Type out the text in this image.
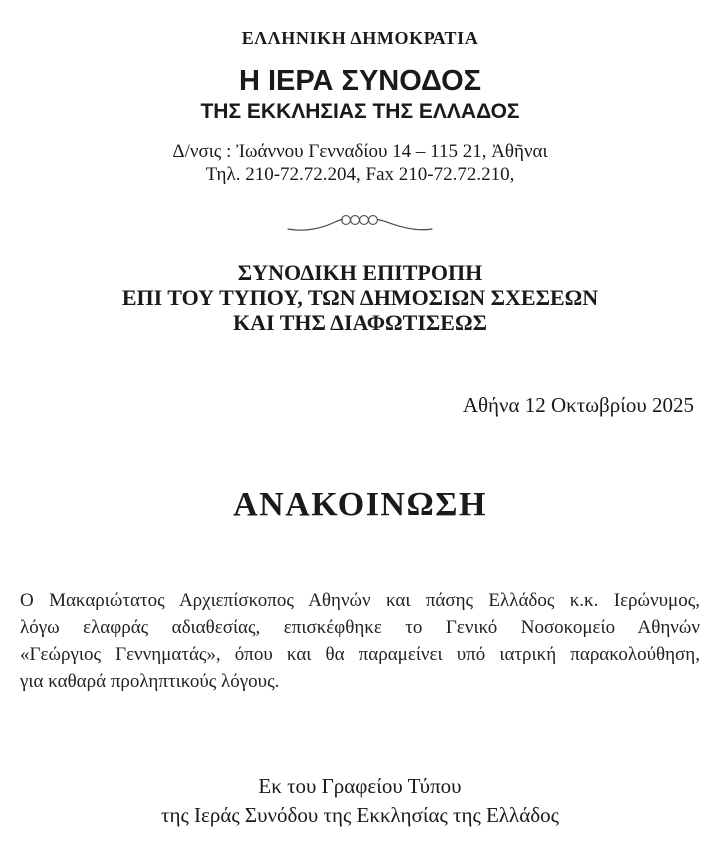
ΕΛΛΗΝΙΚΗ ΔΗΜΟΚΡΑΤΙΑ
Η ΙΕΡΑ ΣΥΝΟΔΟΣ
ΤΗΣ ΕΚΚΛΗΣΙΑΣ ΤΗΣ ΕΛΛΑΔΟΣ
Δ/νσις : Ἰωάννου Γενναδίου 14 – 115 21, Ἀθῆναι
Τηλ. 210-72.72.204, Fax 210-72.72.210,
ΣΥΝΟΔΙΚΗ ΕΠΙΤΡΟΠΗ
ΕΠΙ ΤΟΥ ΤΥΠΟΥ, ΤΩΝ ΔΗΜΟΣΙΩΝ ΣΧΕΣΕΩΝ
ΚΑΙ ΤΗΣ ΔΙΑΦΩΤΙΣΕΩΣ
Αθήνα 12 Οκτωβρίου 2025
ΑΝΑΚΟΙΝΩΣΗ
Ο Μακαριώτατος Αρχιεπίσκοπος Αθηνών και πάσης Ελλάδος κ.κ. Ιερώνυμος,
λόγω ελαφράς αδιαθεσίας, επισκέφθηκε το Γενικό Νοσοκομείο Αθηνών
«Γεώργιος Γεννηματάς», όπου και θα παραμείνει υπό ιατρική παρακολούθηση,
για καθαρά προληπτικούς λόγους.
Εκ του Γραφείου Τύπου
της Ιεράς Συνόδου της Εκκλησίας της Ελλάδος
